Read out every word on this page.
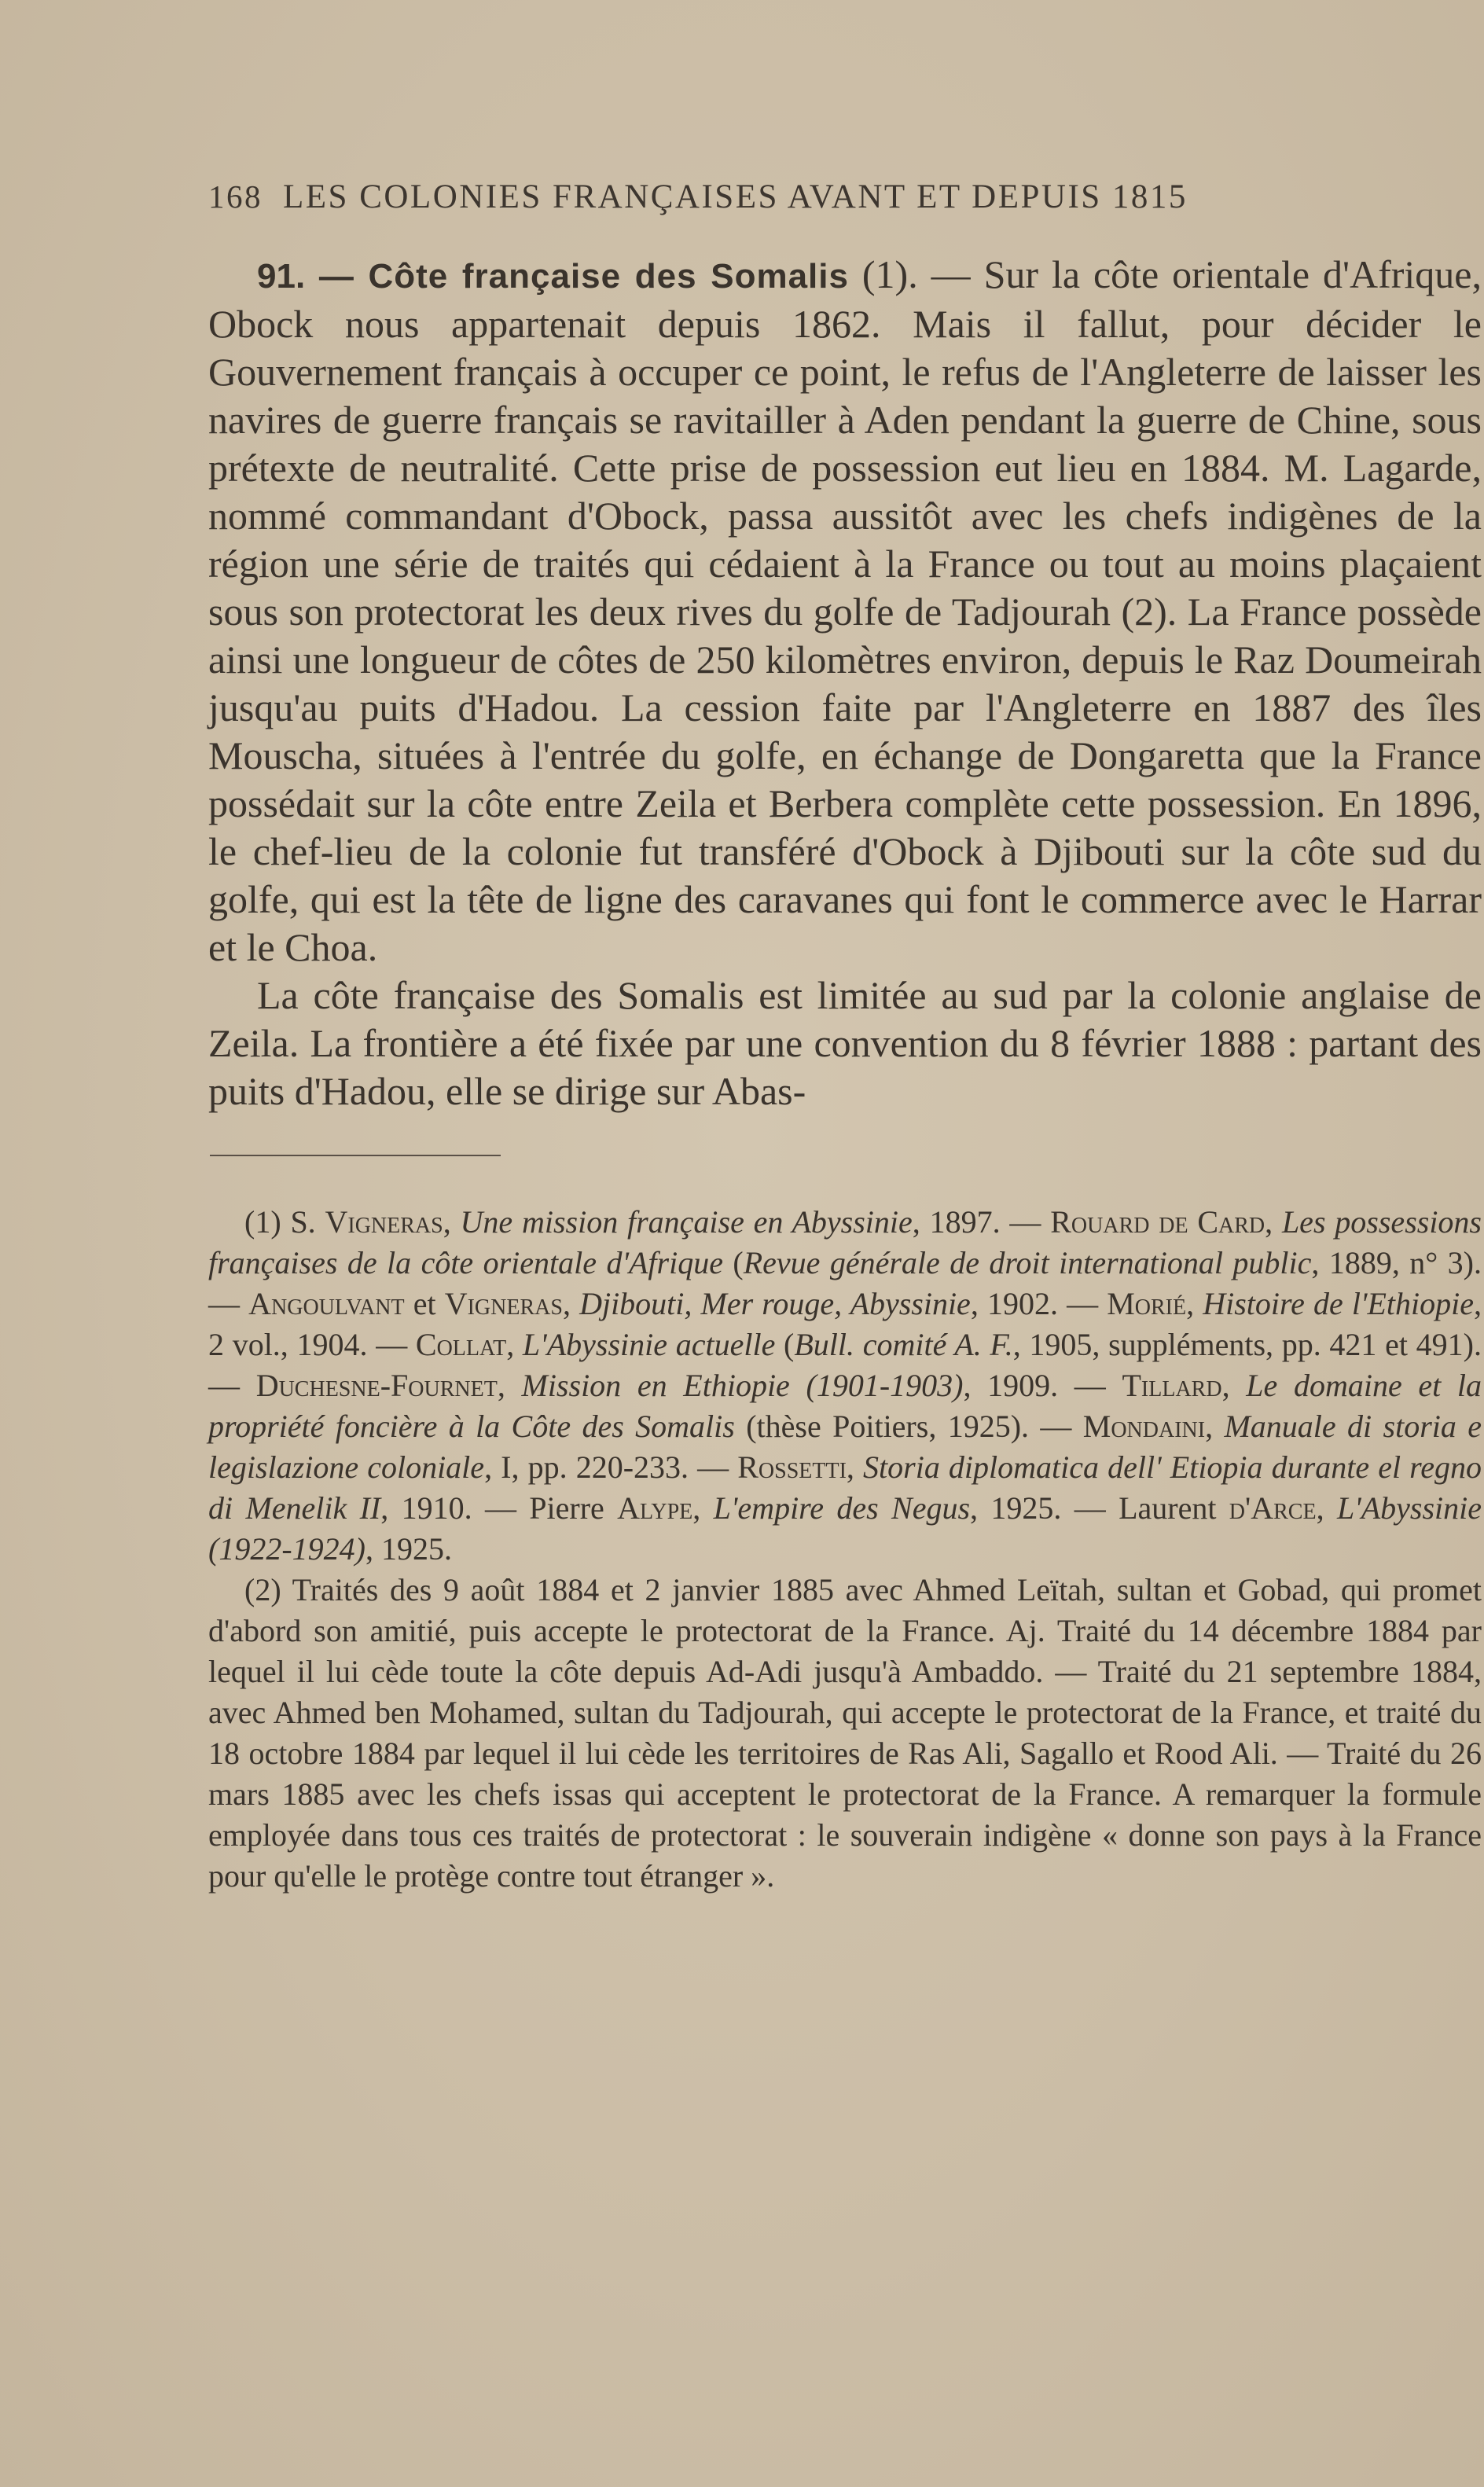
168 LES COLONIES FRANÇAISES AVANT ET DEPUIS 1815

91. — Côte française des Somalis (1). — Sur la côte orientale d'Afrique, Obock nous appartenait depuis 1862. Mais il fallut, pour décider le Gouvernement français à occuper ce point, le refus de l'Angleterre de laisser les navires de guerre français se ravitailler à Aden pendant la guerre de Chine, sous prétexte de neutralité. Cette prise de possession eut lieu en 1884. M. Lagarde, nommé commandant d'Obock, passa aussitôt avec les chefs indigènes de la région une série de traités qui cédaient à la France ou tout au moins plaçaient sous son protectorat les deux rives du golfe de Tadjourah (2). La France possède ainsi une longueur de côtes de 250 kilomètres environ, depuis le Raz Doumeirah jusqu'au puits d'Hadou. La cession faite par l'Angleterre en 1887 des îles Mouscha, situées à l'entrée du golfe, en échange de Dongaretta que la France possédait sur la côte entre Zeila et Berbera complète cette possession. En 1896, le chef-lieu de la colonie fut transféré d'Obock à Djibouti sur la côte sud du golfe, qui est la tête de ligne des caravanes qui font le commerce avec le Harrar et le Choa.

La côte française des Somalis est limitée au sud par la colonie anglaise de Zeila. La frontière a été fixée par une convention du 8 février 1888 : partant des puits d'Hadou, elle se dirige sur Abas-

(1) S. Vigneras, Une mission française en Abyssinie, 1897. — Rouard de Card, Les possessions françaises de la côte orientale d'Afrique (Revue générale de droit international public, 1889, n° 3). — Angoulvant et Vigneras, Djibouti, Mer rouge, Abyssinie, 1902. — Morié, Histoire de l'Ethiopie, 2 vol., 1904. — Collat, L'Abyssinie actuelle (Bull. comité A. F., 1905, suppléments, pp. 421 et 491). — Duchesne-Fournet, Mission en Ethiopie (1901-1903), 1909. — Tillard, Le domaine et la propriété foncière à la Côte des Somalis (thèse Poitiers, 1925). — Mondaini, Manuale di storia e legislazione coloniale, I, pp. 220-233. — Rossetti, Storia diplomatica dell' Etiopia durante el regno di Menelik II, 1910. — Pierre Alype, L'empire des Negus, 1925. — Laurent d'Arce, L'Abyssinie (1922-1924), 1925.

(2) Traités des 9 août 1884 et 2 janvier 1885 avec Ahmed Leïtah, sultan et Gobad, qui promet d'abord son amitié, puis accepte le protectorat de la France. Aj. Traité du 14 décembre 1884 par lequel il lui cède toute la côte depuis Ad-Adi jusqu'à Ambaddo. — Traité du 21 septembre 1884, avec Ahmed ben Mohamed, sultan du Tadjourah, qui accepte le protectorat de la France, et traité du 18 octobre 1884 par lequel il lui cède les territoires de Ras Ali, Sagallo et Rood Ali. — Traité du 26 mars 1885 avec les chefs issas qui acceptent le protectorat de la France. A remarquer la formule employée dans tous ces traités de protectorat : le souverain indigène « donne son pays à la France pour qu'elle le protège contre tout étranger ».
